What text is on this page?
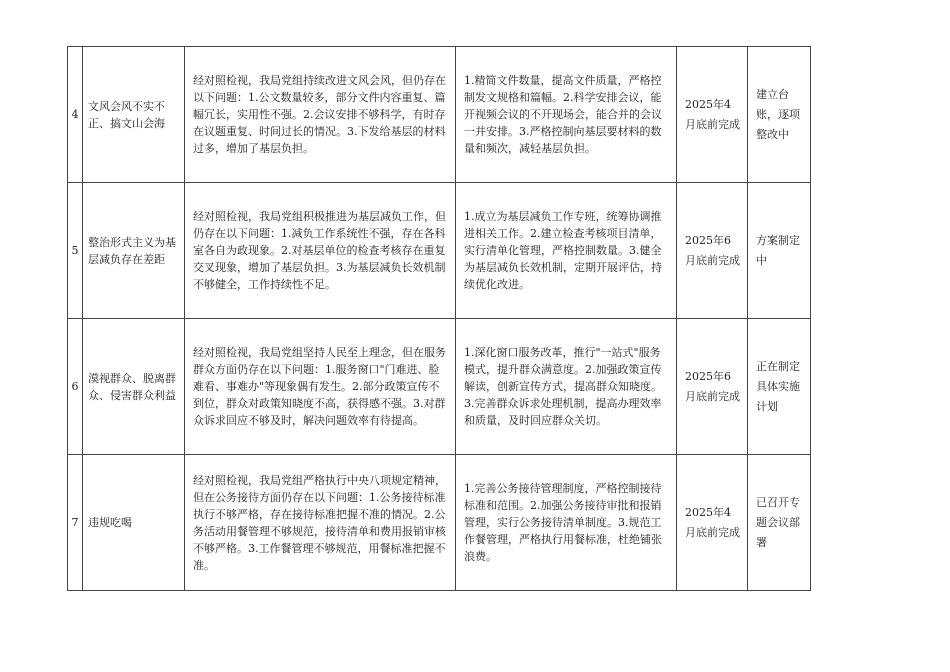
4	文风会风不实不正、搞文山会海	经对照检视，我局党组持续改进文风会风，但仍存在以下问题：1.公文数量较多，部分文件内容重复、篇幅冗长，实用性不强。2.会议安排不够科学，有时存在议题重复、时间过长的情况。3.下发给基层的材料过多，增加了基层负担。	1.精简文件数量，提高文件质量，严格控制发文规格和篇幅。2.科学安排会议，能开视频会议的不开现场会，能合并的会议一并安排。3.严格控制向基层要材料的数量和频次，减轻基层负担。	2025年4月底前完成	建立台账，逐项整改中

5	整治形式主义为基层减负存在差距	经对照检视，我局党组积极推进为基层减负工作，但仍存在以下问题：1.减负工作系统性不强，存在各科室各自为政现象。2.对基层单位的检查考核存在重复交叉现象，增加了基层负担。3.为基层减负长效机制不够健全，工作持续性不足。	1.成立为基层减负工作专班，统筹协调推进相关工作。2.建立检查考核项目清单，实行清单化管理，严格控制数量。3.健全为基层减负长效机制，定期开展评估，持续优化改进。	2025年6月底前完成	方案制定中

6	漠视群众、脱离群众、侵害群众利益	经对照检视，我局党组坚持人民至上理念，但在服务群众方面仍存在以下问题：1.服务窗口"门难进、脸难看、事难办"等现象偶有发生。2.部分政策宣传不到位，群众对政策知晓度不高，获得感不强。3.对群众诉求回应不够及时，解决问题效率有待提高。	1.深化窗口服务改革，推行"一站式"服务模式，提升群众满意度。2.加强政策宣传解读，创新宣传方式，提高群众知晓度。3.完善群众诉求处理机制，提高办理效率和质量，及时回应群众关切。	2025年6月底前完成	正在制定具体实施计划

7	违规吃喝	经对照检视，我局党组严格执行中央八项规定精神，但在公务接待方面仍存在以下问题：1.公务接待标准执行不够严格，存在接待标准把握不准的情况。2.公务活动用餐管理不够规范，接待清单和费用报销审核不够严格。3.工作餐管理不够规范，用餐标准把握不准。	1.完善公务接待管理制度，严格控制接待标准和范围。2.加强公务接待审批和报销管理，实行公务接待清单制度。3.规范工作餐管理，严格执行用餐标准，杜绝铺张浪费。	2025年4月底前完成	已召开专题会议部署
